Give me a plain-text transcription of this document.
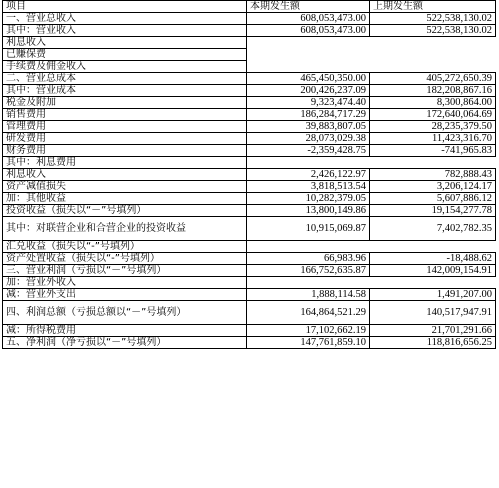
项目	本期发生额	上期发生额
一、营业总收入	608,053,473.00	522,538,130.02
其中：营业收入	608,053,473.00	522,538,130.02
利息收入		
已赚保费		
手续费及佣金收入		
二、营业总成本	465,450,350.00	405,272,650.39
其中：营业成本	200,426,237.09	182,208,867.16
税金及附加	9,323,474.40	8,300,864.00
销售费用	186,284,717.29	172,640,064.69
管理费用	39,883,807.05	28,235,379.50
研发费用	28,073,029.38	11,423,316.70
财务费用	-2,359,428.75	-741,965.83
其中：利息费用		
利息收入	2,426,122.97	782,888.43
资产减值损失	3,818,513.54	3,206,124.17
加：其他收益	10,282,379.05	5,607,886.12
投资收益（损失以“－”号填列）	13,800,149.86	19,154,277.78
其中：对联营企业和合营企业的投资收益	10,915,069.87	7,402,782.35
汇兑收益（损失以“-”号填列）		
资产处置收益（损失以“-”号填列）	66,983.96	-18,488.62
三、营业利润（亏损以“－”号填列）	166,752,635.87	142,009,154.91
加：营业外收入		
减：营业外支出	1,888,114.58	1,491,207.00
四、利润总额（亏损总额以“－”号填列）	164,864,521.29	140,517,947.91
减：所得税费用	17,102,662.19	21,701,291.66
五、净利润（净亏损以“－”号填列）	147,761,859.10	118,816,656.25
